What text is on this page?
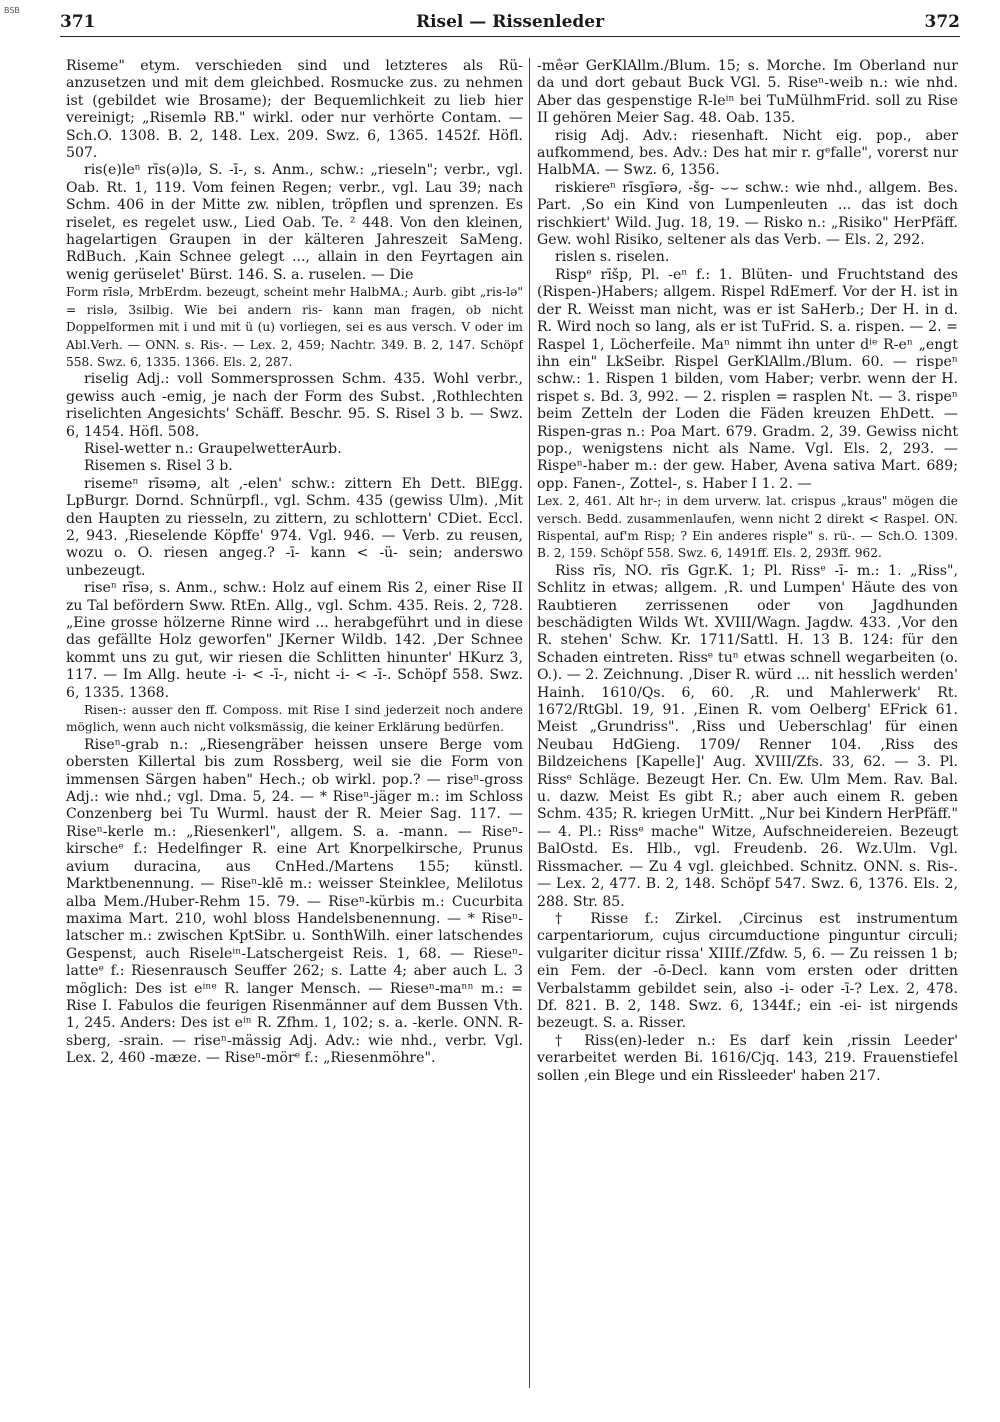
BSB
371	Risel — Rissenleder	372

Riseme" etym. verschieden sind und letzteres als Rü- anzusetzen und mit dem gleichbed. Rosmucke zus. zu nehmen ist (gebildet wie Brosame); der Bequemlichkeit zu lieb hier vereinigt; „Risemlə RB." wirkl. oder nur verhörte Contam. — Sch.O. 1308. B. 2, 148. Lex. 209. Swz. 6, 1365. 1452f. Höfl. 507.

ris(e)leⁿ rīs(ə)lə, S. -ī-, s. Anm., schw.: „rieseln"; verbr., vgl. Oab. Rt. 1, 119. Vom feinen Regen; verbr., vgl. Lau 39; nach Schm. 406 in der Mitte zw. niblen, tröpflen und sprenzen. Es riselet, es regelet usw., Lied Oab. Te. ² 448. Von den kleinen, hagelartigen Graupen in der kälteren Jahreszeit SaMeng. RdBuch. ‚Kain Schnee gelegt ..., allain in den Feyrtagen ain wenig gerüselet' Bürst. 146. S. a. ruselen. — Die

Form rīslə, MrbErdm. bezeugt, scheint mehr HalbMA.; Aurb. gibt „ris-lə" = rislə, 3silbig. Wie bei andern ris- kann man fragen, ob nicht Doppelformen mit i und mit ü (u) vorliegen, sei es aus versch. V oder im Abl.Verh. — ONN. s. Ris-. — Lex. 2, 459; Nachtr. 349. B. 2, 147. Schöpf 558. Swz. 6, 1335. 1366. Els. 2, 287.

riselig Adj.: voll Sommersprossen Schm. 435. Wohl verbr., gewiss auch -emig, je nach der Form des Subst. ‚Rothlechten riselichten Angesichts' Schäff. Beschr. 95. S. Risel 3 b. — Swz. 6, 1454. Höfl. 508.

Risel-wetter n.: GraupelwetterAurb.

Risemen s. Risel 3 b.

risemeⁿ rīsəmə, alt ‚-elen' schw.: zittern Eh Dett. BlEgg. LpBurgr. Dornd. Schnürpfl., vgl. Schm. 435 (gewiss Ulm). ‚Mit den Haupten zu riesseln, zu zittern, zu schlottern' CDiet. Eccl. 2, 943. ‚Rieselende Köpffe' 974. Vgl. 946. — Verb. zu reusen, wozu o. O. riesen angeg.? -ī- kann < -ü- sein; anderswo unbezeugt.

riseⁿ rīsə, s. Anm., schw.: Holz auf einem Ris 2, einer Rise II zu Tal befördern Sww. RtEn. Allg., vgl. Schm. 435. Reis. 2, 728. „Eine grosse hölzerne Rinne wird ... herabgeführt und in diese das gefällte Holz geworfen" JKerner Wildb. 142. ‚Der Schnee kommt uns zu gut, wir riesen die Schlitten hinunter' HKurz 3, 117. — Im Allg. heute -i- < -ī-, nicht -i- < -ī-. Schöpf 558. Swz. 6, 1335. 1368.

Risen-: ausser den ff. Composs. mit Rise I sind jederzeit noch andere möglich, wenn auch nicht volksmässig, die keiner Erklärung bedürfen.

Riseⁿ-grab n.: „Riesengräber heissen unsere Berge vom obersten Killertal bis zum Rossberg, weil sie die Form von immensen Särgen haben" Hech.; ob wirkl. pop.? — riseⁿ-gross Adj.: wie nhd.; vgl. Dma. 5, 24. — * Riseⁿ-jäger m.: im Schloss Conzenberg bei Tu Wurml. haust der R. Meier Sag. 117. — Riseⁿ-kerle m.: „Riesenkerl", allgem. S. a. -mann. — Riseⁿ-kirscheᵉ f.: Hedelfinger R. eine Art Knorpelkirsche, Prunus avium duracina, aus CnHed./Martens 155; künstl. Marktbenennung. — Riseⁿ-klē m.: weisser Steinklee, Melilotus alba Mem./Huber-Rehm 15. 79. — Riseⁿ-kürbis m.: Cucurbita maxima Mart. 210, wohl bloss Handelsbenennung. — * Riseⁿ-latscher m.: zwischen KptSibr. u. SonthWilh. einer latschendes Gespenst, auch Riseleⁱⁿ-Latschergeist Reis. 1, 68. — Rieseⁿ-latteᵉ f.: Riesenrausch Seuffer 262; s. Latte 4; aber auch L. 3 möglich: Des ist eⁱⁿᵉ R. langer Mensch. — Rieseⁿ-maⁿⁿ m.: = Rise I. Fabulos die feurigen Risenmänner auf dem Bussen Vth. 1, 245. Anders: Des ist eⁱⁿ R. Zfhm. 1, 102; s. a. -kerle. ONN. R-sberg, -srain. — riseⁿ-mässig Adj. Adv.: wie nhd., verbr. Vgl. Lex. 2, 460 -mæze. — Riseⁿ-mörᵉ f.: „Riesenmöhre".

-mḗər GerKlAllm./Blum. 15; s. Morche. Im Oberland nur da und dort gebaut Buck VGl. 5. Riseⁿ-weib n.: wie nhd. Aber das gespenstige R-leⁱⁿ bei TuMülhmFrid. soll zu Rise II gehören Meier Sag. 48. Oab. 135.

risig Adj. Adv.: riesenhaft. Nicht eig. pop., aber aufkommend, bes. Adv.: Des hat mir r. gᵉfalle", vorerst nur HalbMA. — Swz. 6, 1356.

riskiereⁿ rīsgīərə, -šg- ⌣⌣ schw.: wie nhd., allgem. Bes. Part. ‚So ein Kind von Lumpenleuten ... das ist doch rischkiert' Wild. Jug. 18, 19. — Risko n.: „Risiko" HerPfäff. Gew. wohl Risiko, seltener als das Verb. — Els. 2, 292.

rislen s. riselen.

Rispᵉ rīšp, Pl. -eⁿ f.: 1. Blüten- und Fruchtstand des (Rispen-)Habers; allgem. Rispel RdEmerf. Vor der H. ist in der R. Weisst man nicht, was er ist SaHerb.; Der H. in d. R. Wird noch so lang, als er ist TuFrid. S. a. rispen. — 2. = Raspel 1, Löcherfeile. Maⁿ nimmt ihn unter dⁱᵉ R-eⁿ „engt ihn ein" LkSeibr. Rispel GerKlAllm./Blum. 60. — rispeⁿ schw.: 1. Rispen 1 bilden, vom Haber; verbr. wenn der H. rispet s. Bd. 3, 992. — 2. risplen = rasplen Nt. — 3. rispeⁿ beim Zetteln der Loden die Fäden kreuzen EhDett. — Rispen-gras n.: Poa Mart. 679. Gradm. 2, 39. Gewiss nicht pop., wenigstens nicht als Name. Vgl. Els. 2, 293. — Rispeⁿ-haber m.: der gew. Haber, Avena sativa Mart. 689; opp. Fanen-, Zottel-, s. Haber I 1. 2. —

Lex. 2, 461. Alt hr-; in dem urverw. lat. crispus „kraus" mögen die versch. Bedd. zusammenlaufen, wenn nicht 2 direkt < Raspel. ON. Rispental, auf'm Risp; ? Ein anderes risple" s. rü-. — Sch.O. 1309. B. 2, 159. Schöpf 558. Swz. 6, 1491ff. Els. 2, 293ff. 962.

Riss rīs, NO. rīs Ggr.K. 1; Pl. Rissᵉ -ī- m.: 1. „Riss", Schlitz in etwas; allgem. ‚R. und Lumpen' Häute des von Raubtieren zerrissenen oder von Jagdhunden beschädigten Wilds Wt. XVIII/Wagn. Jagdw. 433. ‚Vor den R. stehen' Schw. Kr. 1711/Sattl. H. 13 B. 124: für den Schaden eintreten. Rissᵉ tuⁿ etwas schnell wegarbeiten (o. O.). — 2. Zeichnung. ‚Diser R. würd ... nit hesslich werden' Hainh. 1610/Qs. 6, 60. ‚R. und Mahlerwerk' Rt. 1672/RtGbl. 19, 91. ‚Einen R. vom Oelberg' EFrick 61. Meist „Grundriss". ‚Riss und Ueberschlag' für einen Neubau HdGieng. 1709/ Renner 104. ‚Riss des Bildzeichens [Kapelle]' Aug. XVIII/Zfs. 33, 62. — 3. Pl. Rissᵉ Schläge. Bezeugt Her. Cn. Ew. Ulm Mem. Rav. Bal. u. dazw. Meist Es gibt R.; aber auch einem R. geben Schm. 435; R. kriegen UrMitt. „Nur bei Kindern HerPfäff." — 4. Pl.: Rissᵉ mache" Witze, Aufschneidereien. Bezeugt BalOstd. Es. Hlb., vgl. Freudenb. 26. Wz.Ulm. Vgl. Rissmacher. — Zu 4 vgl. gleichbed. Schnitz. ONN. s. Ris-. — Lex. 2, 477. B. 2, 148. Schöpf 547. Swz. 6, 1376. Els. 2, 288. Str. 85.

† Risse f.: Zirkel. ‚Circinus est instrumentum carpentariorum, cujus circumductione pinguntur circuli; vulgariter dicitur rissa' XIIIf./Zfdw. 5, 6. — Zu reissen 1 b; ein Fem. der -ō-Decl. kann vom ersten oder dritten Verbalstamm gebildet sein, also -i- oder -ī-? Lex. 2, 478. Df. 821. B. 2, 148. Swz. 6, 1344f.; ein -ei- ist nirgends bezeugt. S. a. Risser.

† Riss(en)-leder n.: Es darf kein ‚rissin Leeder' verarbeitet werden Bi. 1616/Cjq. 143, 219. Frauenstiefel sollen ‚ein Blege und ein Rissleeder' haben 217.
